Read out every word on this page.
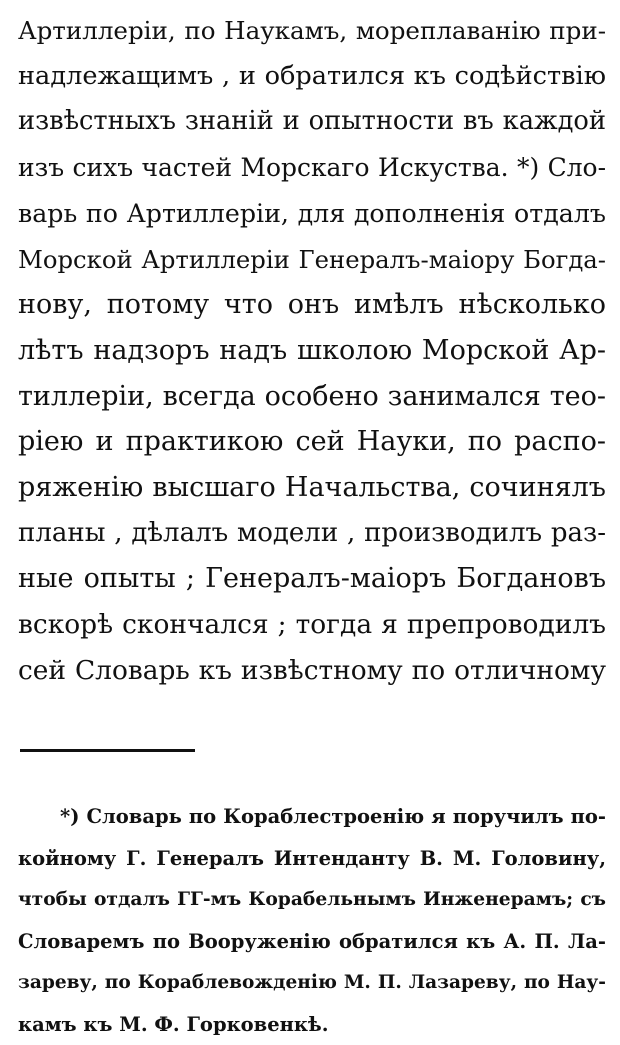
Артиллеріи, по Наукамъ, мореплаванію при-
надлежащимъ , и обратился къ содѣйствію
извѣстныхъ знаній и опытности въ каждой
изъ сихъ частей Морскаго Искуства. *) Сло-
варь по Артиллеріи, для дополненія отдалъ
Морской Артиллеріи Генералъ-маіору Богда-
нову, потому что онъ имѣлъ нѣсколько
лѣтъ надзоръ надъ школою Морской Ар-
тиллеріи, всегда особено занимался тео-
ріею и практикою сей Науки, по распо-
ряженію высшаго Начальства, сочинялъ
планы , дѣлалъ модели , производилъ раз-
ные опыты ; Генералъ-маіоръ Богдановъ
вскорѣ скончался ; тогда я препроводилъ
сей Словарь къ извѣстному по отличному
*) Словарь по Кораблестроенію я поручилъ по-
койному Г. Генералъ Интенданту В. М. Головину,
чтобы отдалъ ГГ-мъ Корабельнымъ Инженерамъ; съ
Словаремъ по Вооруженію обратился къ А. П. Ла-
зареву, по Кораблевожденію М. П. Лазареву, по Нау-
камъ къ М. Ф. Горковенкѣ.
